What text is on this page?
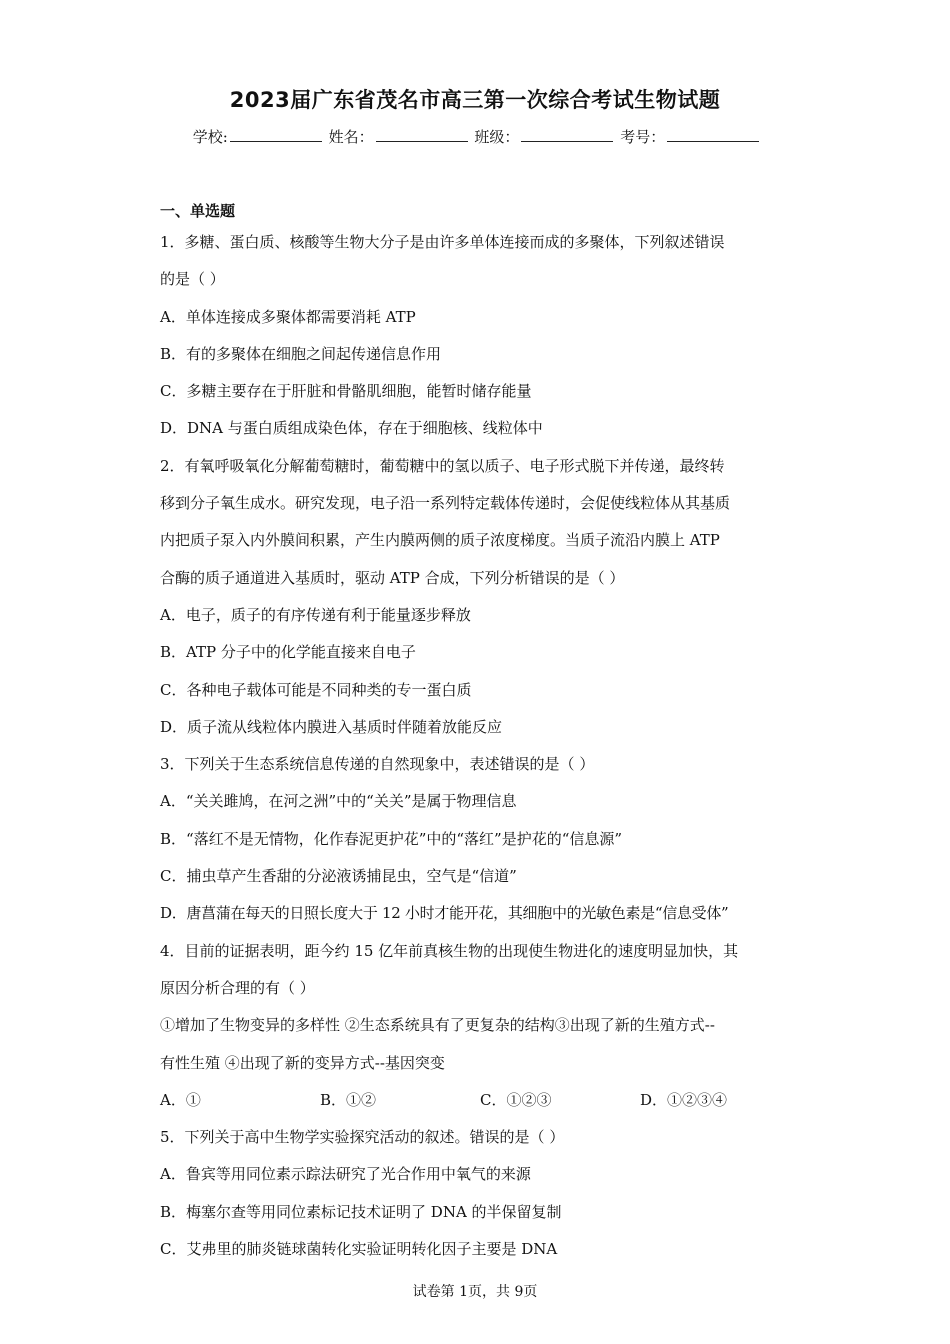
2023届广东省茂名市高三第一次综合考试生物试题
学校:	姓名：	班级：	考号：
一、单选题
1．多糖、蛋白质、核酸等生物大分子是由许多单体连接而成的多聚体，下列叙述错误
的是（ ）
A．单体连接成多聚体都需要消耗 ATP
B．有的多聚体在细胞之间起传递信息作用
C．多糖主要存在于肝脏和骨骼肌细胞，能暂时储存能量
D．DNA 与蛋白质组成染色体，存在于细胞核、线粒体中
2．有氧呼吸氧化分解葡萄糖时，葡萄糖中的氢以质子、电子形式脱下并传递，最终转
移到分子氧生成水。研究发现，电子沿一系列特定载体传递时，会促使线粒体从其基质
内把质子泵入内外膜间积累，产生内膜两侧的质子浓度梯度。当质子流沿内膜上 ATP
合酶的质子通道进入基质时，驱动 ATP 合成，下列分析错误的是（ ）
A．电子，质子的有序传递有利于能量逐步释放
B．ATP 分子中的化学能直接来自电子
C．各种电子载体可能是不同种类的专一蛋白质
D．质子流从线粒体内膜进入基质时伴随着放能反应
3．下列关于生态系统信息传递的自然现象中，表述错误的是（ ）
A．“关关雎鸠，在河之洲”中的“关关”是属于物理信息
B．“落红不是无情物，化作春泥更护花”中的“落红”是护花的“信息源”
C．捕虫草产生香甜的分泌液诱捕昆虫，空气是“信道”
D．唐菖蒲在每天的日照长度大于 12 小时才能开花，其细胞中的光敏色素是“信息受体”
4．目前的证据表明，距今约 15 亿年前真核生物的出现使生物进化的速度明显加快，其
原因分析合理的有（ ）
①增加了生物变异的多样性 ②生态系统具有了更复杂的结构③出现了新的生殖方式--
有性生殖 ④出现了新的变异方式--基因突变
A．①	B．①②	C．①②③	D．①②③④
5．下列关于高中生物学实验探究活动的叙述。错误的是（ ）
A．鲁宾等用同位素示踪法研究了光合作用中氧气的来源
B．梅塞尔查等用同位素标记技术证明了 DNA 的半保留复制
C．艾弗里的肺炎链球菌转化实验证明转化因子主要是 DNA
试卷第 1页，共 9页
